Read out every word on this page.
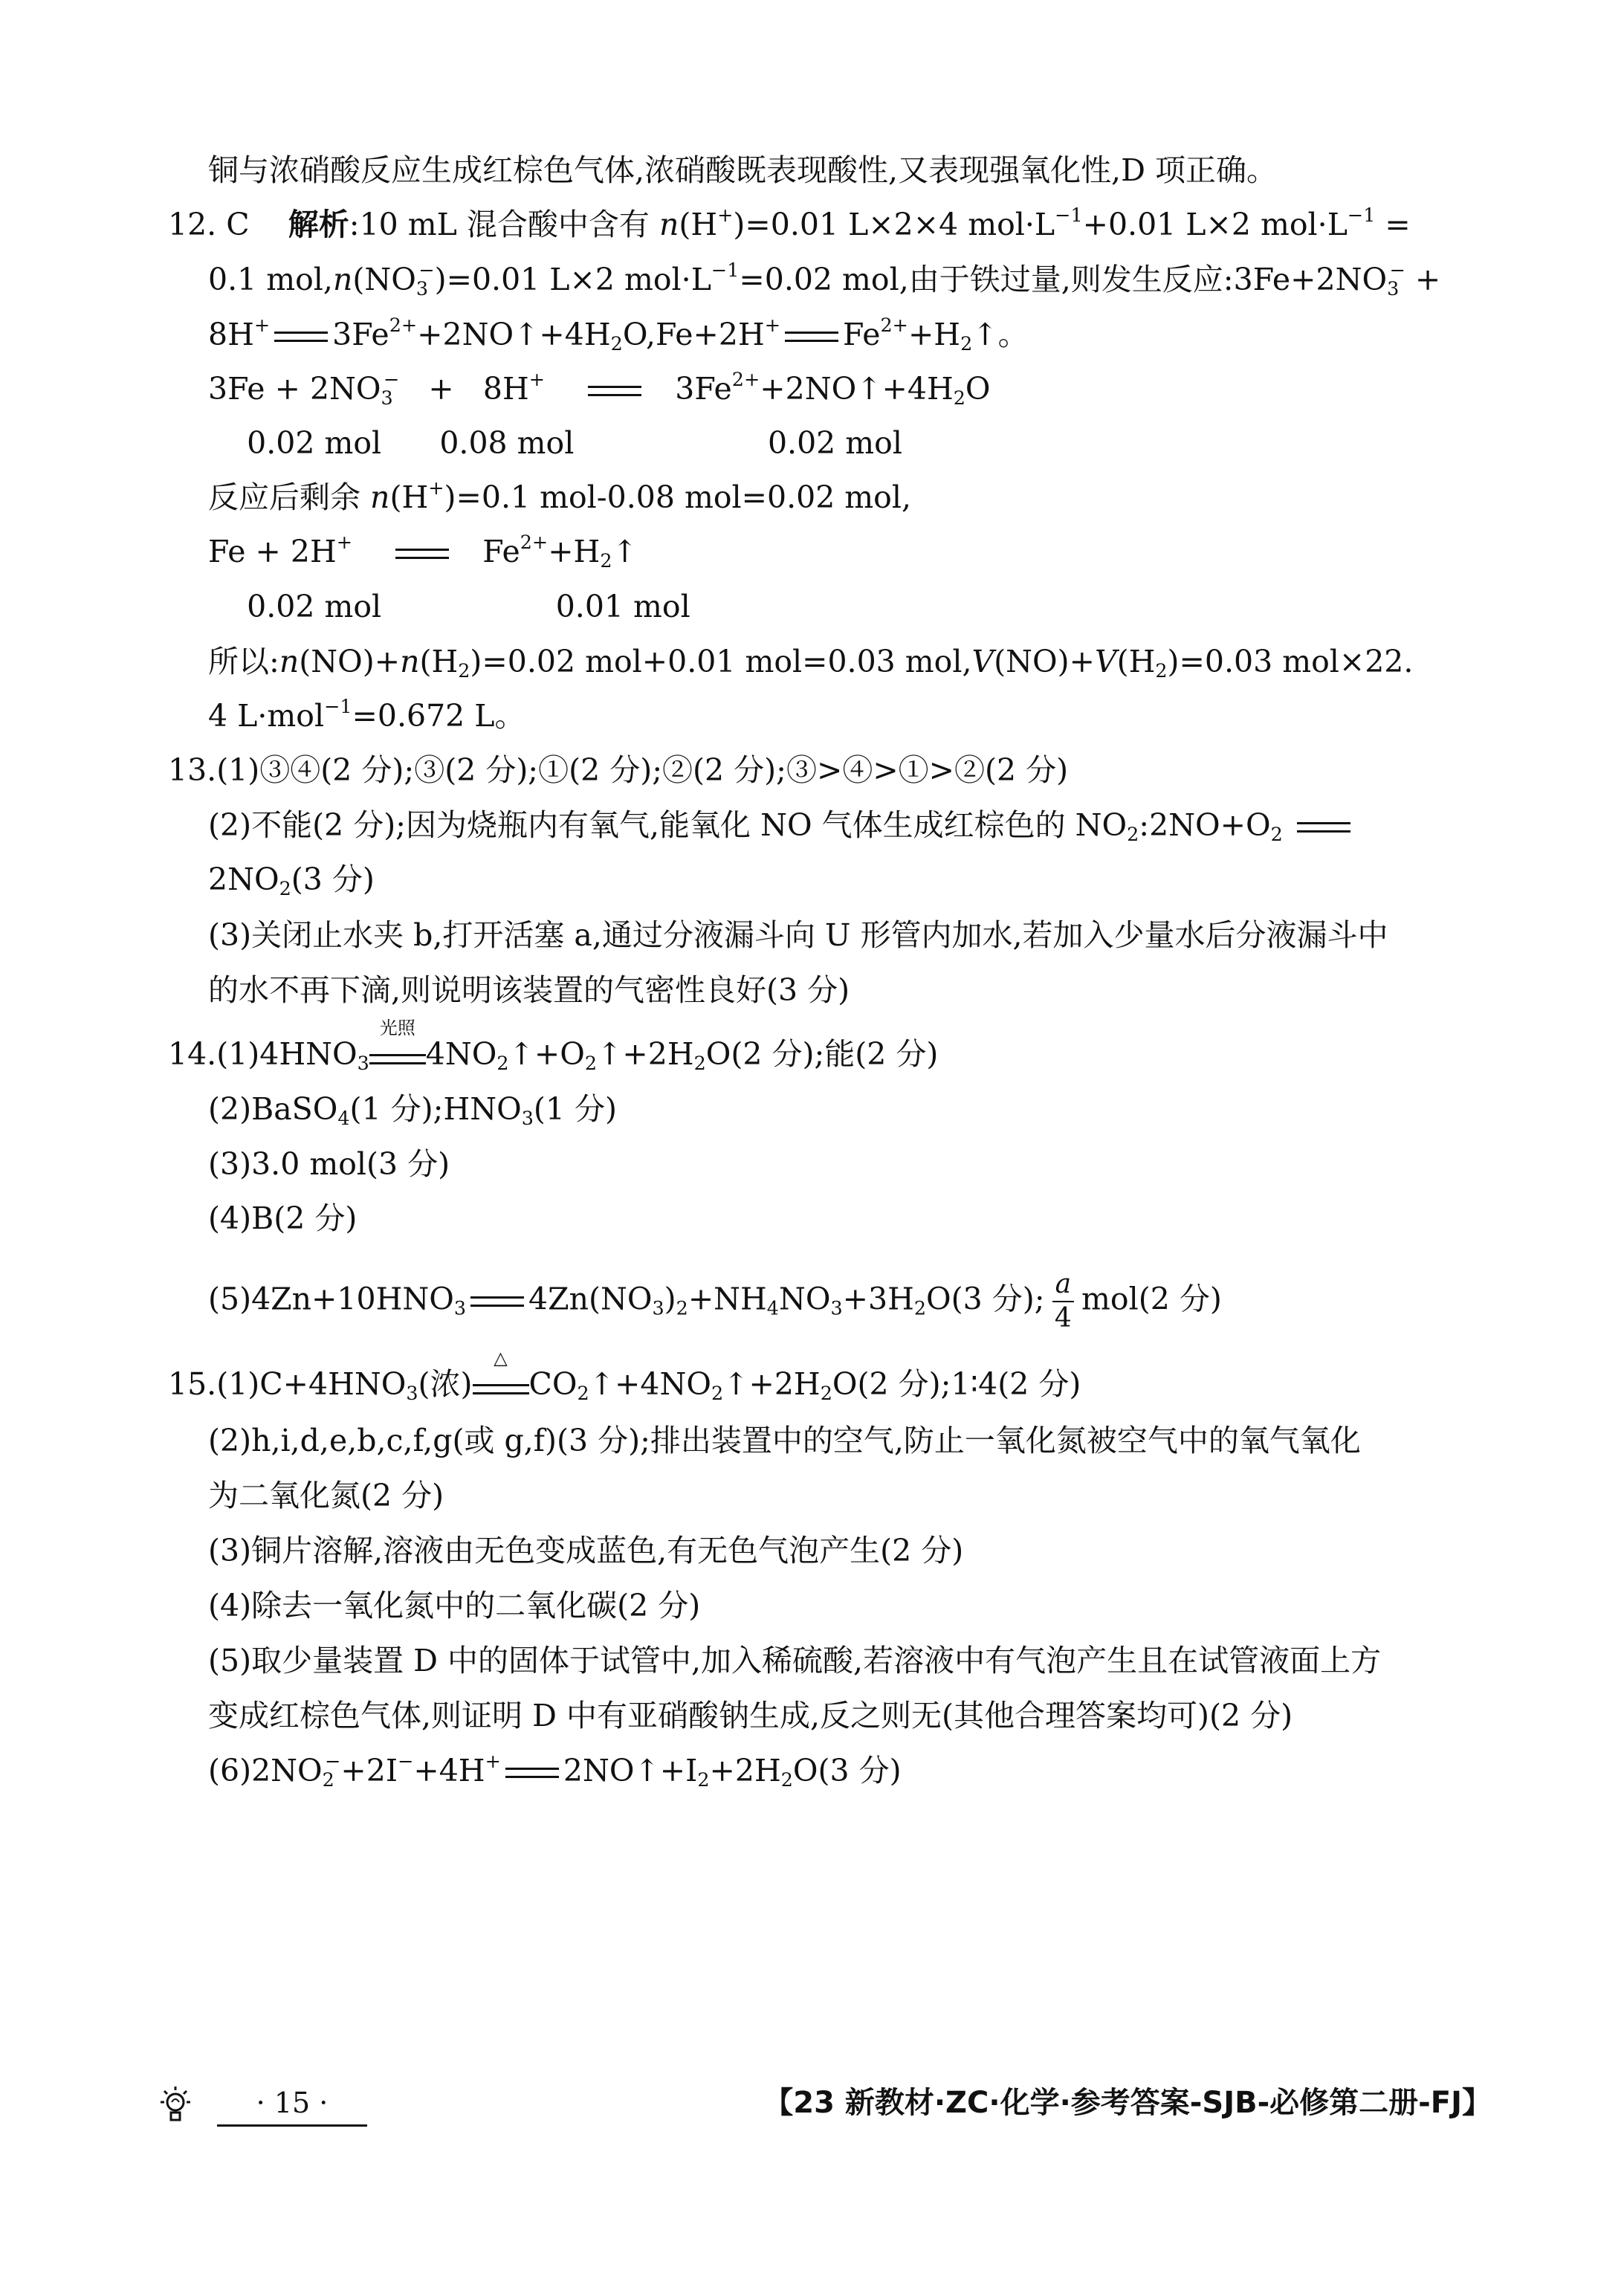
铜与浓硝酸反应生成红棕色气体,浓硝酸既表现酸性,又表现强氧化性,D 项正确。
12. C 解析:10 mL 混合酸中含有 n(H+)=0.01 L×2×4 $mol\cdot L^{-1}+0.01$ L×2 $mol\cdot L^{-1}$ =
0.1 $mol,n(NO_3^-)=0.01$ L×2 $mol\cdot L^{-1}=0.02$ mol,由于铁过量,则发生反应$:3Fe+2NO_3^-$ +
8H+ $3Fe^{2+}+2NO↑+4H_2O,Fe+2H^+$ $Fe^{2+}+H_2↑$。
$3Fe + 2NO_3^- + 8H^+$	$3Fe^{2+}+2NO↑+4H_2O$
0.02 mol      0.08 mol                    0.02 mol
反应后剩余 n(H+)=0.1 mol-0.08 mol=0.02 mol,
Fe + 2H+	$Fe^{2+}+H_2↑$
0.02 mol                  0.01 mol
所以$:n(NO)+n(H_2)=0.02$ mol+0.01 mol=0.03 $mol,V(NO)+V(H_2)=0.03$ mol×22.
4 L·mol$^{-1}$=0.672 L。
13.(1)③④(2 分);③(2 分);①(2 分);②(2 分);③>④>①>②(2 分)
(2)不能(2 分);因为烧瓶内有氧气,能氧化 NO 气体生成红棕色的 $NO_2:2NO+O_2$
$2NO_2(3$ 分)
(3)关闭止水夹 b,打开活塞 a,通过分液漏斗向 U 形管内加水,若加入少量水后分液漏斗中
的水不再下滴,则说明该装置的气密性良好(3 分)
$14.(1)4HNO_3$
光照
$4NO_2↑+O_2↑+2H_2O(2$ 分);能(2 分)
(2)BaSO$_4$(1 分)$;HNO_3(1$ 分)
(3)3.0 mol(3 分)
(4)B(2 分)
$(5)4Zn+10HNO_3$ $4Zn(NO_3)_2+NH_4NO_3+3H_2O(3$ 分); $\frac{a}{4} mol(2$ 分)
$15.(1)C+4HNO_3$(浓)
△
$CO_2↑+4NO_2↑+2H_2O(2$ 分);1∶4(2 分)
(2)h,i,d,e,b,c,f,g(或 g,f)(3 分);排出装置中的空气,防止一氧化氮被空气中的氧气氧化
为二氧化氮(2 分)
(3)铜片溶解,溶液由无色变成蓝色,有无色气泡产生(2 分)
(4)除去一氧化氮中的二氧化碳(2 分)
(5)取少量装置 D 中的固体于试管中,加入稀硫酸,若溶液中有气泡产生且在试管液面上方
变成红棕色气体,则证明 D 中有亚硝酸钠生成,反之则无(其他合理答案均可)(2 分)
$(6)2NO_2^-+2I^-+4H^+$ $2NO↑+I_2+2H_2O(3$ 分)
· 15 ·	【23 新教材·ZC·化学·参考答案-SJB-必修第二册-FJ】
